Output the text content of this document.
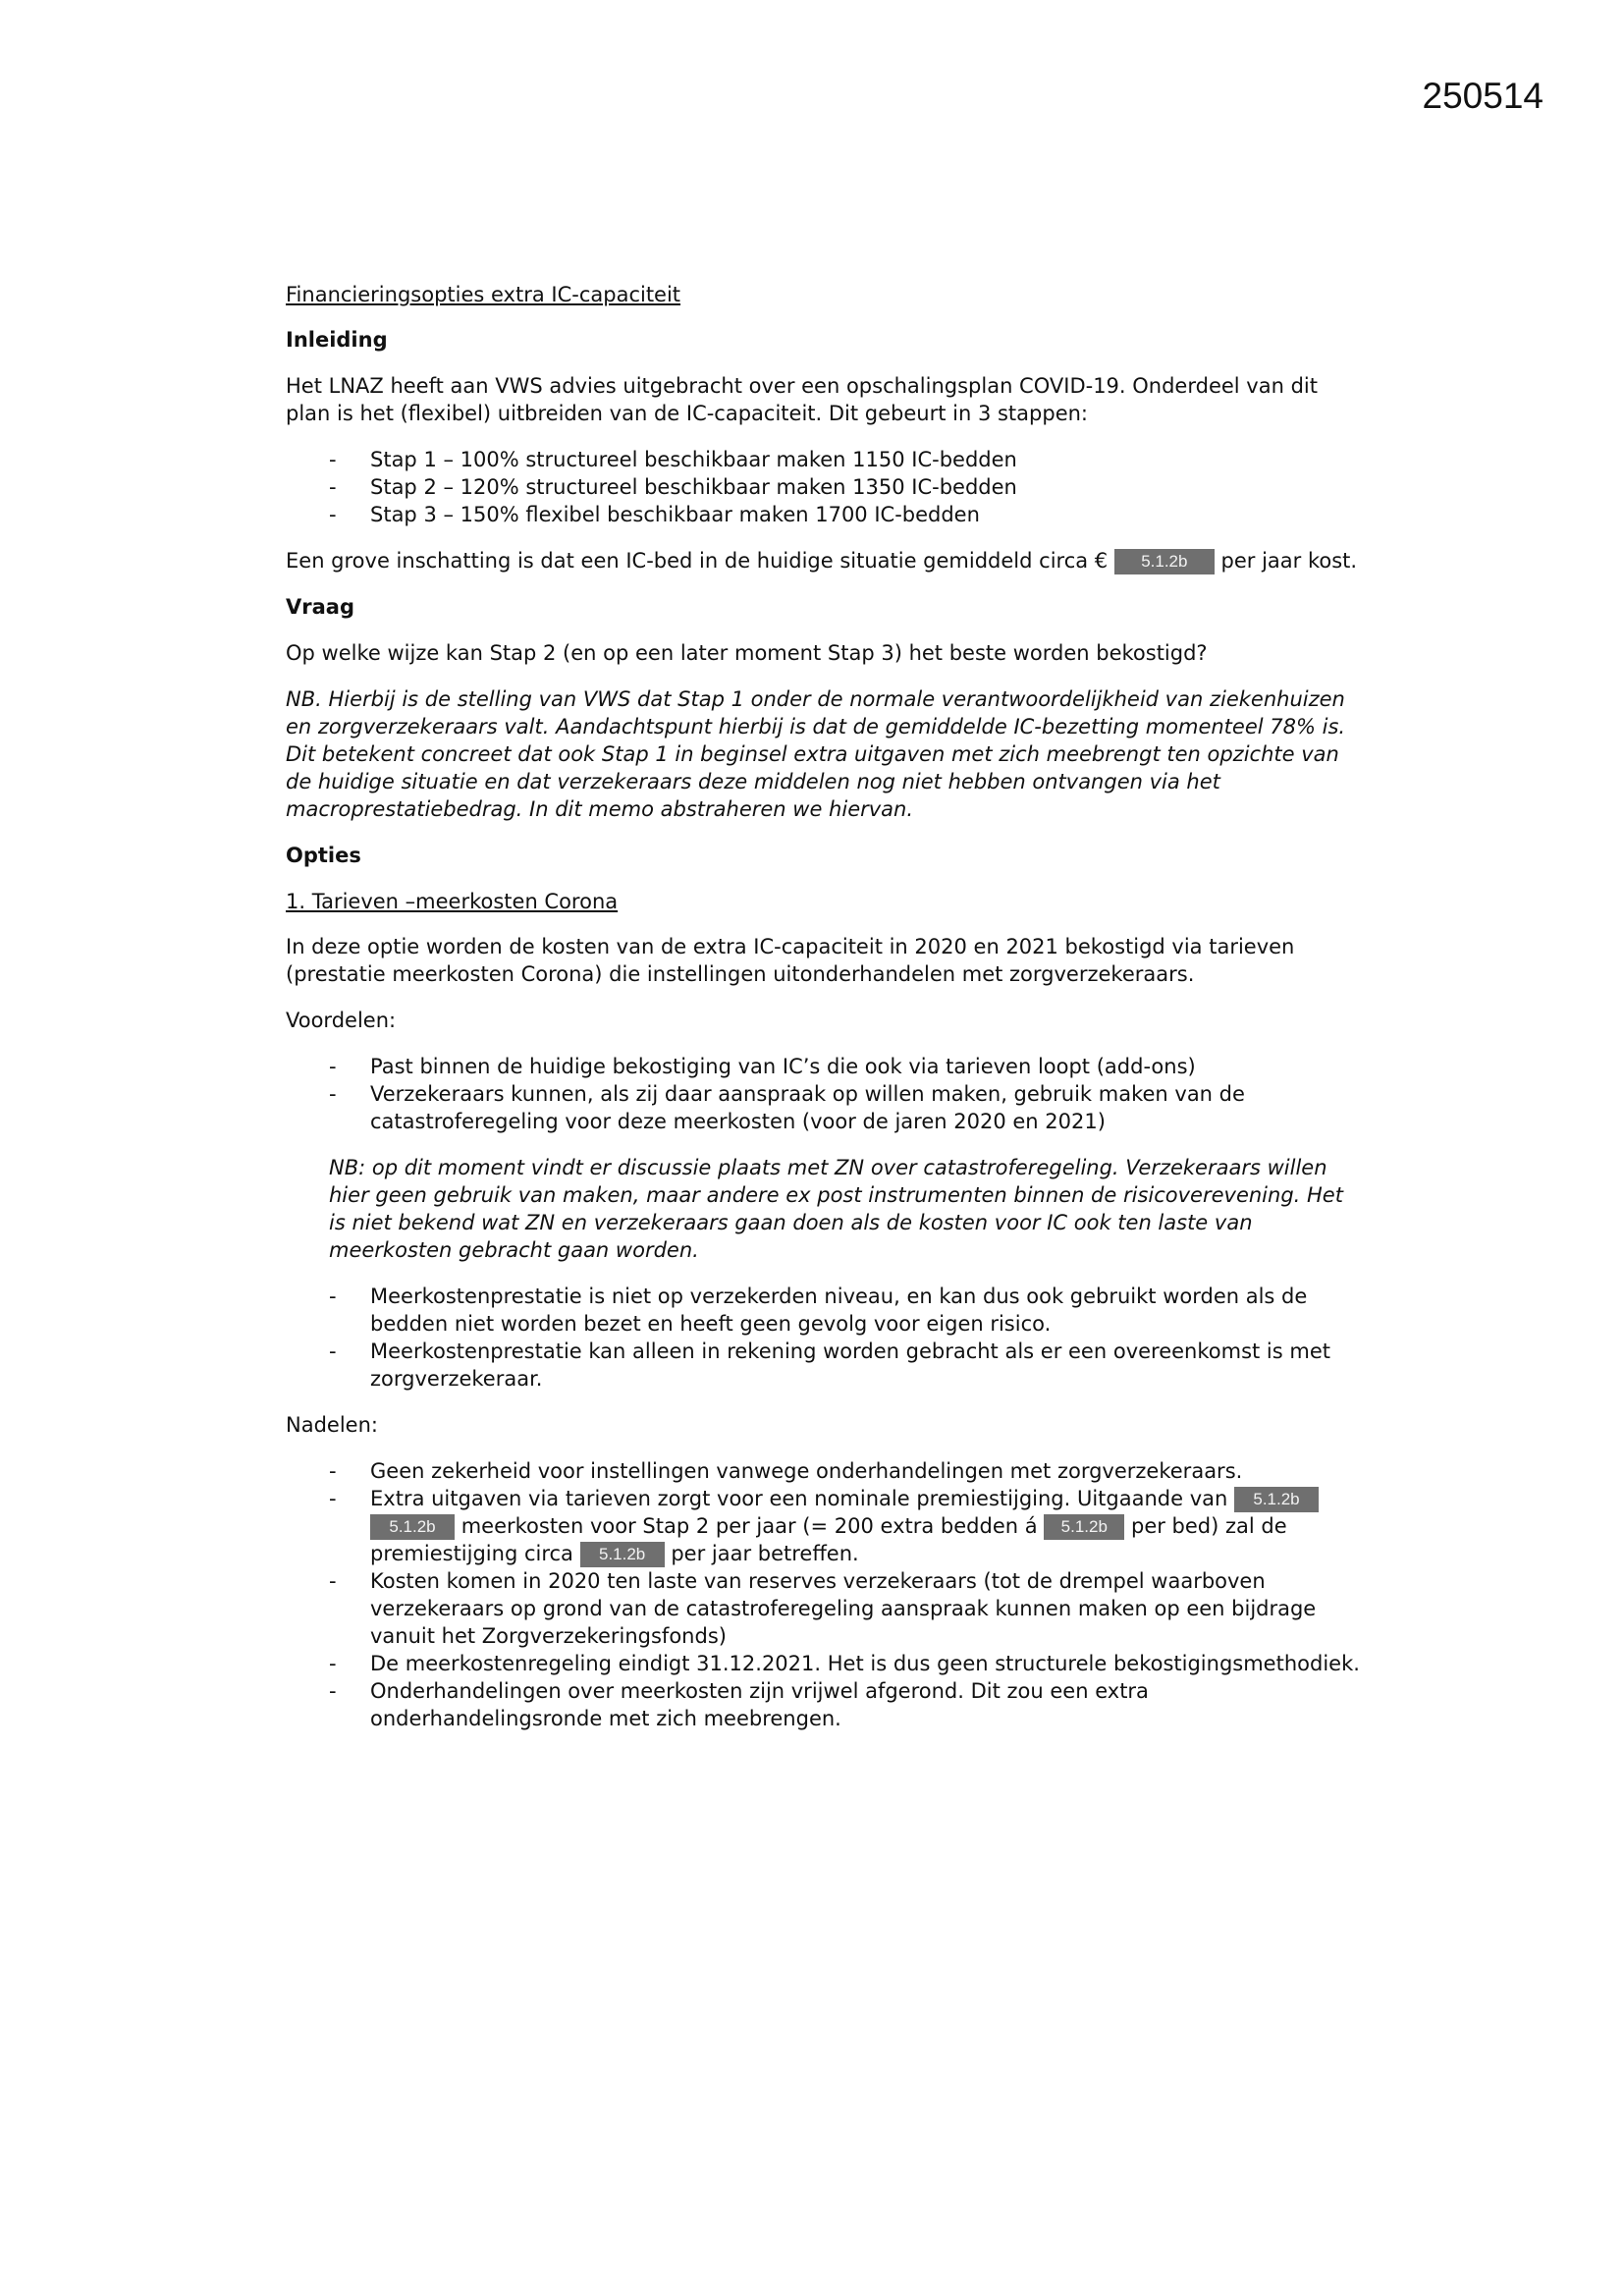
250514

Financieringsopties extra IC-capaciteit

Inleiding

Het LNAZ heeft aan VWS advies uitgebracht over een opschalingsplan COVID-19. Onderdeel van dit plan is het (flexibel) uitbreiden van de IC-capaciteit. Dit gebeurt in 3 stappen:

- Stap 1 – 100% structureel beschikbaar maken 1150 IC-bedden
- Stap 2 – 120% structureel beschikbaar maken 1350 IC-bedden
- Stap 3 – 150% flexibel beschikbaar maken 1700 IC-bedden

Een grove inschatting is dat een IC-bed in de huidige situatie gemiddeld circa € 5.1.2b per jaar kost.

Vraag

Op welke wijze kan Stap 2 (en op een later moment Stap 3) het beste worden bekostigd?

NB. Hierbij is de stelling van VWS dat Stap 1 onder de normale verantwoordelijkheid van ziekenhuizen en zorgverzekeraars valt. Aandachtspunt hierbij is dat de gemiddelde IC-bezetting momenteel 78% is. Dit betekent concreet dat ook Stap 1 in beginsel extra uitgaven met zich meebrengt ten opzichte van de huidige situatie en dat verzekeraars deze middelen nog niet hebben ontvangen via het macroprestatiebedrag. In dit memo abstraheren we hiervan.

Opties

1. Tarieven –meerkosten Corona

In deze optie worden de kosten van de extra IC-capaciteit in 2020 en 2021 bekostigd via tarieven (prestatie meerkosten Corona) die instellingen uitonderhandelen met zorgverzekeraars.

Voordelen:

- Past binnen de huidige bekostiging van IC’s die ook via tarieven loopt (add-ons)
- Verzekeraars kunnen, als zij daar aanspraak op willen maken, gebruik maken van de catastroferegeling voor deze meerkosten (voor de jaren 2020 en 2021)

NB: op dit moment vindt er discussie plaats met ZN over catastroferegeling. Verzekeraars willen hier geen gebruik van maken, maar andere ex post instrumenten binnen de risicoverevening. Het is niet bekend wat ZN en verzekeraars gaan doen als de kosten voor IC ook ten laste van meerkosten gebracht gaan worden.

- Meerkostenprestatie is niet op verzekerden niveau, en kan dus ook gebruikt worden als de bedden niet worden bezet en heeft geen gevolg voor eigen risico.
- Meerkostenprestatie kan alleen in rekening worden gebracht als er een overeenkomst is met zorgverzekeraar.

Nadelen:

- Geen zekerheid voor instellingen vanwege onderhandelingen met zorgverzekeraars.
- Extra uitgaven via tarieven zorgt voor een nominale premiestijging. Uitgaande van 5.1.2b 5.1.2b meerkosten voor Stap 2 per jaar (= 200 extra bedden á 5.1.2b per bed) zal de premiestijging circa 5.1.2b per jaar betreffen.
- Kosten komen in 2020 ten laste van reserves verzekeraars (tot de drempel waarboven verzekeraars op grond van de catastroferegeling aanspraak kunnen maken op een bijdrage vanuit het Zorgverzekeringsfonds)
- De meerkostenregeling eindigt 31.12.2021. Het is dus geen structurele bekostigingsmethodiek.
- Onderhandelingen over meerkosten zijn vrijwel afgerond. Dit zou een extra onderhandelingsronde met zich meebrengen.
